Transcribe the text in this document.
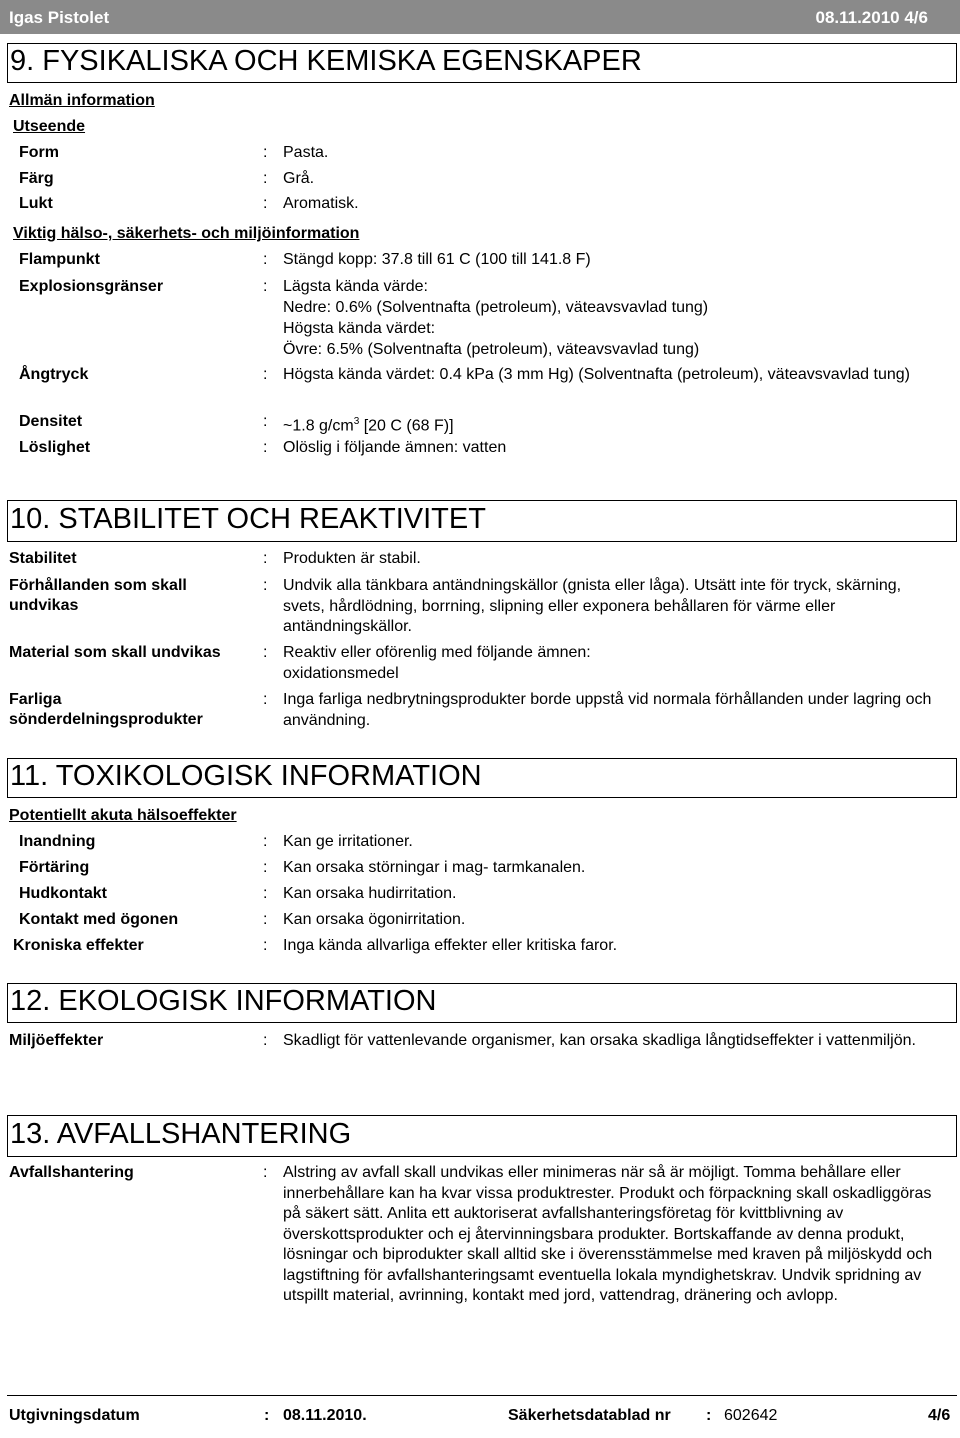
Igas Pistolet	08.11.2010 4/6
9. FYSIKALISKA OCH KEMISKA EGENSKAPER
Allmän information
Utseende
Form	: Pasta.
Färg	: Grå.
Lukt	: Aromatisk.
Viktig hälso-, säkerhets- och miljöinformation
Flampunkt	: Stängd kopp: 37.8 till 61 C (100 till 141.8 F)
Explosionsgränser	: Lägsta kända värde:
Nedre: 0.6% (Solventnafta (petroleum), väteavsvavlad tung)
Högsta kända värdet:
Övre: 6.5% (Solventnafta (petroleum), väteavsvavlad tung)
Ångtryck	: Högsta kända värdet: 0.4 kPa (3 mm Hg) (Solventnafta (petroleum), väteavsvavlad tung)
Densitet	: ~1.8 $g/cm^3$ [20 C (68 F)]
Löslighet	: Olöslig i följande ämnen: vatten
10. STABILITET OCH REAKTIVITET
Stabilitet	: Produkten är stabil.
Förhållanden som skall undvikas
: Undvik alla tänkbara antändningskällor (gnista eller låga). Utsätt inte för tryck, skärning, svets, hårdlödning, borrning, slipning eller exponera behållaren för värme eller antändningskällor.
Material som skall undvikas	: Reaktiv eller oförenlig med följande ämnen: oxidationsmedel
Farliga sönderdelningsprodukter
: Inga farliga nedbrytningsprodukter borde uppstå vid normala förhållanden under lagring och användning.
11. TOXIKOLOGISK INFORMATION
Potentiellt akuta hälsoeffekter
Inandning	: Kan ge irritationer.
Förtäring	: Kan orsaka störningar i mag- tarmkanalen.
Hudkontakt	: Kan orsaka hudirritation.
Kontakt med ögonen	: Kan orsaka ögonirritation.
Kroniska effekter	: Inga kända allvarliga effekter eller kritiska faror.
12. EKOLOGISK INFORMATION
Miljöeffekter	: Skadligt för vattenlevande organismer, kan orsaka skadliga långtidseffekter i vattenmiljön.
13. AVFALLSHANTERING
Avfallshantering	: Alstring av avfall skall undvikas eller minimeras när så är möjligt. Tomma behållare eller innerbehållare kan ha kvar vissa produktrester. Produkt och förpackning skall oskadliggöras på säkert sätt. Anlita ett auktoriserat avfallshanteringsföretag för kvittblivning av överskottsprodukter och ej återvinningsbara produkter. Bortskaffande av denna produkt, lösningar och biprodukter skall alltid ske i överensstämmelse med kraven på miljöskydd och lagstiftning för avfallshanteringsamt eventuella lokala myndighetskrav. Undvik spridning av utspillt material, avrinning, kontakt med jord, vattendrag, dränering och avlopp.
Utgivningsdatum	: 08.11.2010.	Säkerhetsdatablad nr : 602642	4/6
